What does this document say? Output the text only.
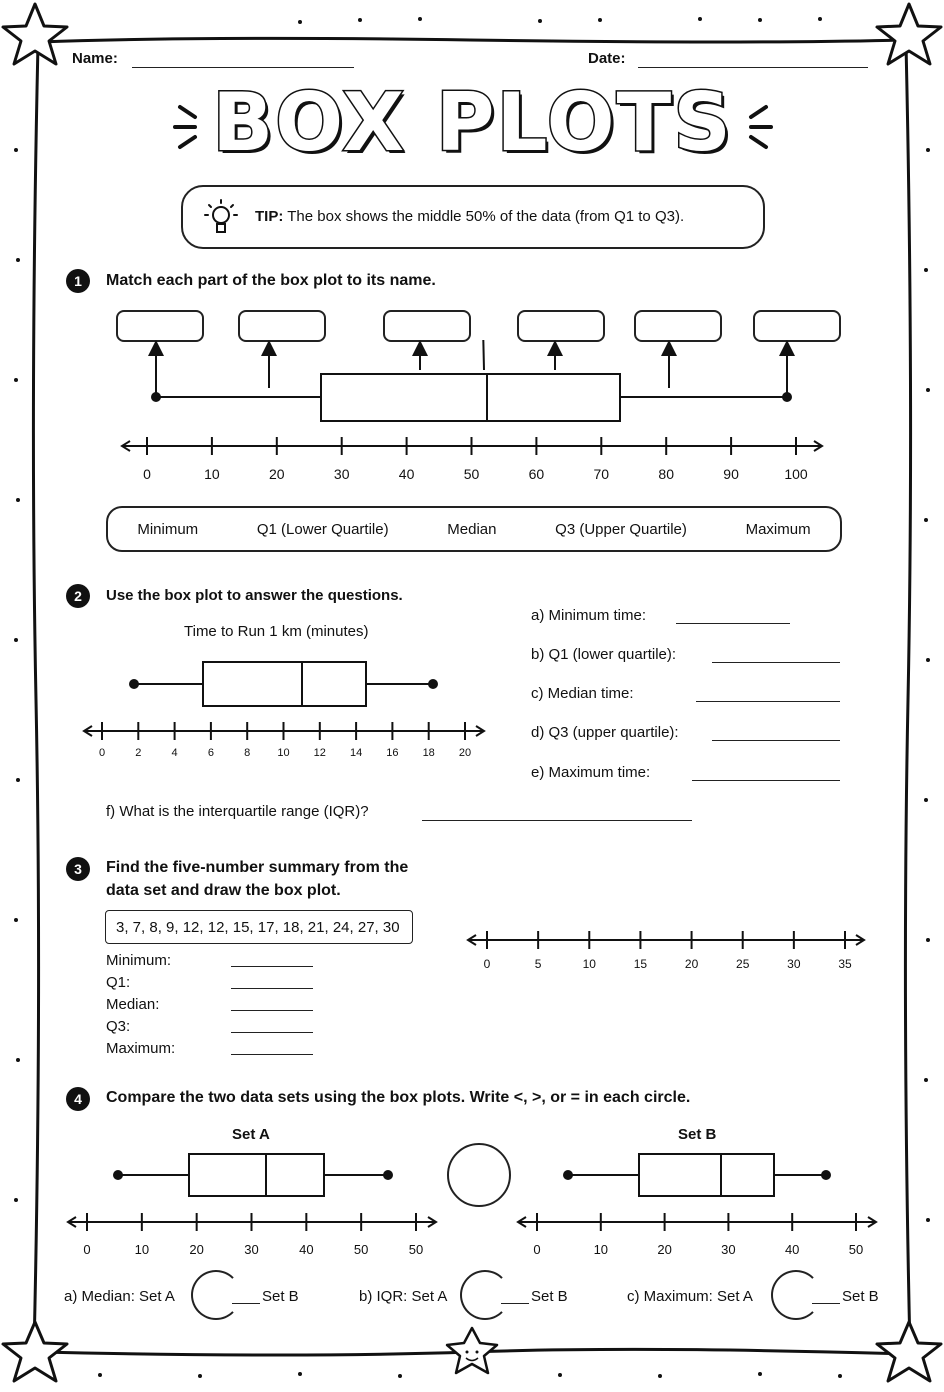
Name:	Date:
BOX PLOTS
TIP: The box shows the middle 50% of the data (from Q1 to Q3).
1	Match each part of the box plot to its name.
0	10	20	30	40	50	60	70	80	90	100
Minimum	Q1 (Lower Quartile)	Median	Q3 (Upper Quartile)	Maximum
2	Use the box plot to answer the questions.
Time to Run 1 km (minutes)
0	2	4	6	8 10 12 14 16 18 20
a) Minimum time:
b) Q1 (lower quartile):
c) Median time:
d) Q3 (upper quartile):
e) Maximum time:
f) What is the interquartile range (IQR)?
3	Find the five-number summary from the
data set and draw the box plot.
3, 7, 8, 9, 12, 12, 15, 17, 18, 21, 24, 27, 30
Minimum:
Q1:
Median:
Q3:
Maximum:
0	5	10	15	20	25	30	35
4	Compare the two data sets using the box plots. Write <, >, or = in each circle.
Set A	Set B
0	10	20	30	40	50	50	0	10	20	30	40	50
a) Median: Set A	Set B	b) IQR: Set A	Set B	c) Maximum: Set A	Set B
